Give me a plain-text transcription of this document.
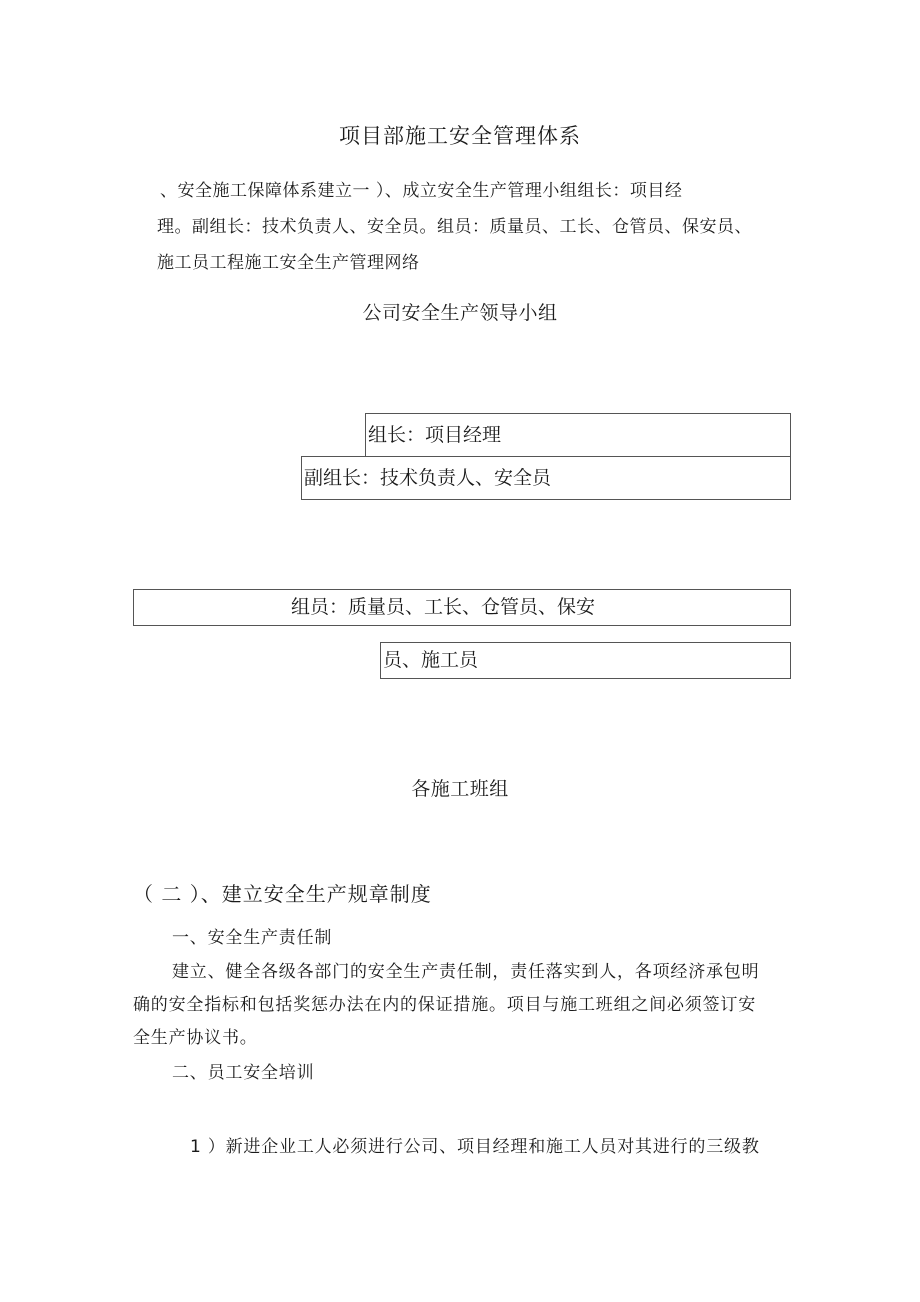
项目部施工安全管理体系
、安全施工保障体系建立一 ）、成立安全生产管理小组组长：项目经
理。副组长：技术负责人、安全员。组员：质量员、工长、仓管员、保安员、
施工员工程施工安全生产管理网络
公司安全生产领导小组
组长：项目经理
副组长：技术负责人、安全员
组员：质量员、工长、仓管员、保安
员、施工员
各施工班组
（ 二 ）、建立安全生产规章制度
一、安全生产责任制
建立、健全各级各部门的安全生产责任制，责任落实到人，各项经济承包明
确的安全指标和包括奖惩办法在内的保证措施。项目与施工班组之间必须签订安
全生产协议书。
二、员工安全培训
1 ）新进企业工人必须进行公司、项目经理和施工人员对其进行的三级教
